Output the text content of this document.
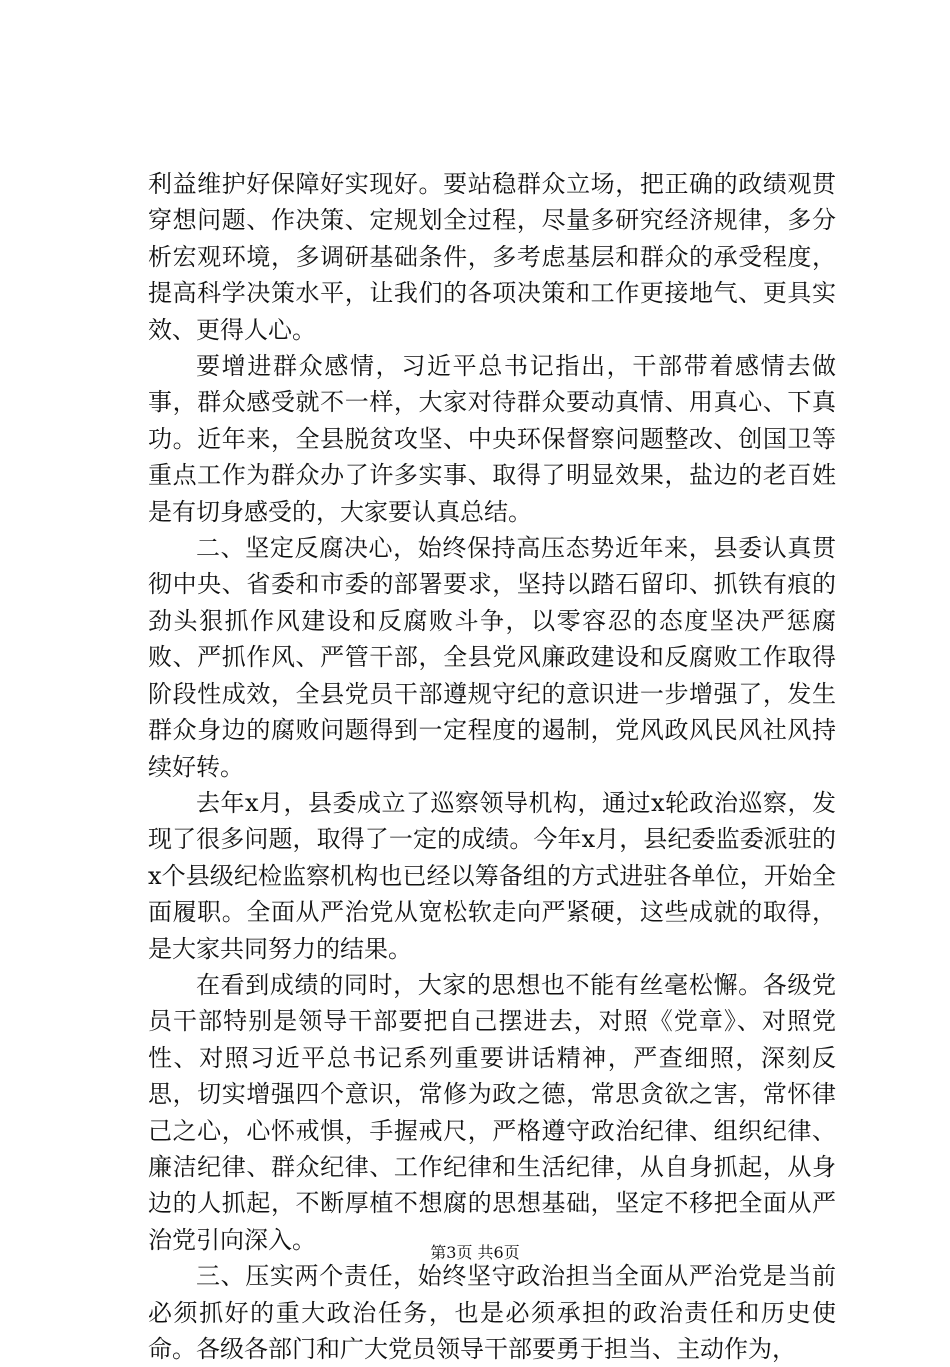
利益维护好保障好实现好。要站稳群众立场，把正确的政绩观贯穿想问题、作决策、定规划全过程，尽量多研究经济规律，多分析宏观环境，多调研基础条件，多考虑基层和群众的承受程度，提高科学决策水平，让我们的各项决策和工作更接地气、更具实效、更得人心。

要增进群众感情，习近平总书记指出，干部带着感情去做事，群众感受就不一样，大家对待群众要动真情、用真心、下真功。近年来，全县脱贫攻坚、中央环保督察问题整改、创国卫等重点工作为群众办了许多实事、取得了明显效果，盐边的老百姓是有切身感受的，大家要认真总结。

二、坚定反腐决心，始终保持高压态势近年来，县委认真贯彻中央、省委和市委的部署要求，坚持以踏石留印、抓铁有痕的劲头狠抓作风建设和反腐败斗争，以零容忍的态度坚决严惩腐败、严抓作风、严管干部，全县党风廉政建设和反腐败工作取得阶段性成效，全县党员干部遵规守纪的意识进一步增强了，发生群众身边的腐败问题得到一定程度的遏制，党风政风民风社风持续好转。

去年x月，县委成立了巡察领导机构，通过x轮政治巡察，发现了很多问题，取得了一定的成绩。今年x月，县纪委监委派驻的x个县级纪检监察机构也已经以筹备组的方式进驻各单位，开始全面履职。全面从严治党从宽松软走向严紧硬，这些成就的取得，是大家共同努力的结果。

在看到成绩的同时，大家的思想也不能有丝毫松懈。各级党员干部特别是领导干部要把自己摆进去，对照《党章》、对照党性、对照习近平总书记系列重要讲话精神，严查细照，深刻反思，切实增强四个意识，常修为政之德，常思贪欲之害，常怀律己之心，心怀戒惧，手握戒尺，严格遵守政治纪律、组织纪律、廉洁纪律、群众纪律、工作纪律和生活纪律，从自身抓起，从身边的人抓起，不断厚植不想腐的思想基础，坚定不移把全面从严治党引向深入。

三、压实两个责任，始终坚守政治担当全面从严治党是当前必须抓好的重大政治任务，也是必须承担的政治责任和历史使命。各级各部门和广大党员领导干部要勇于担当、主动作为，

第3页 共6页
